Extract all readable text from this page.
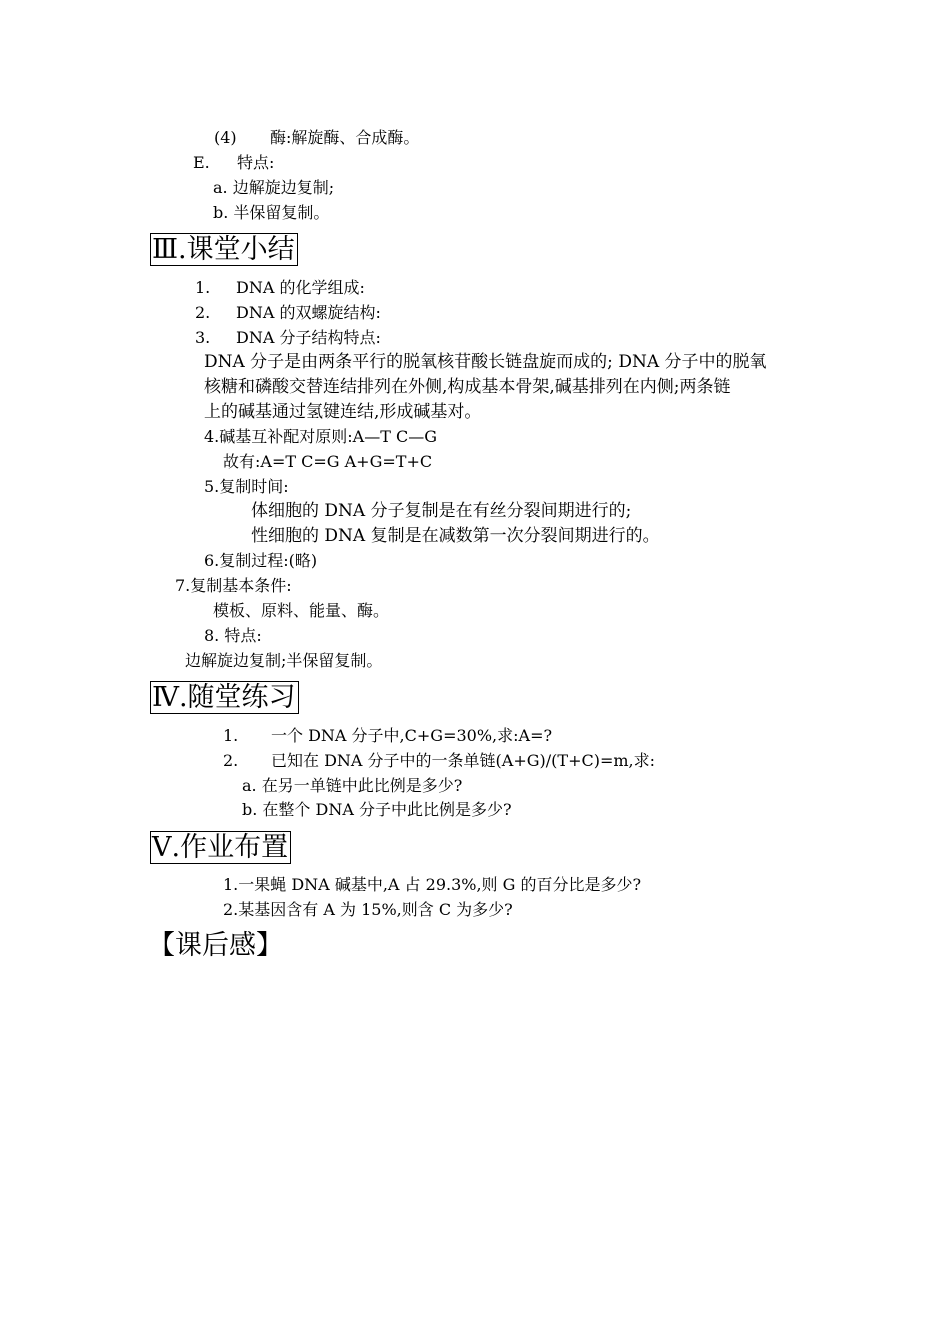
(4) 酶:解旋酶、合成酶。
E. 特点:
a. 边解旋边复制;
b. 半保留复制。
Ⅲ.课堂小结
1. DNA 的化学组成:
2. DNA 的双螺旋结构:
3. DNA 分子结构特点:
DNA 分子是由两条平行的脱氧核苷酸长链盘旋而成的; DNA 分子中的脱氧
核糖和磷酸交替连结排列在外侧,构成基本骨架,碱基排列在内侧;两条链
上的碱基通过氢键连结,形成碱基对。
4.碱基互补配对原则:A—T C—G
故有:A=T C=G A+G=T+C
5.复制时间:
体细胞的 DNA 分子复制是在有丝分裂间期进行的;
性细胞的 DNA 复制是在减数第一次分裂间期进行的。
6.复制过程:(略)
7.复制基本条件:
模板、原料、能量、酶。
8. 特点:
边解旋边复制;半保留复制。
Ⅳ.随堂练习
1. 一个 DNA 分子中,C+G=30%,求:A=?
2. 已知在 DNA 分子中的一条单链(A+G)/(T+C)=m,求:
a. 在另一单链中此比例是多少?
b. 在整个 DNA 分子中此比例是多少?
Ⅴ.作业布置
1.一果蝇 DNA 碱基中,A 占 29.3%,则 G 的百分比是多少?
2.某基因含有 A 为 15%,则含 C 为多少?
【课后感】
